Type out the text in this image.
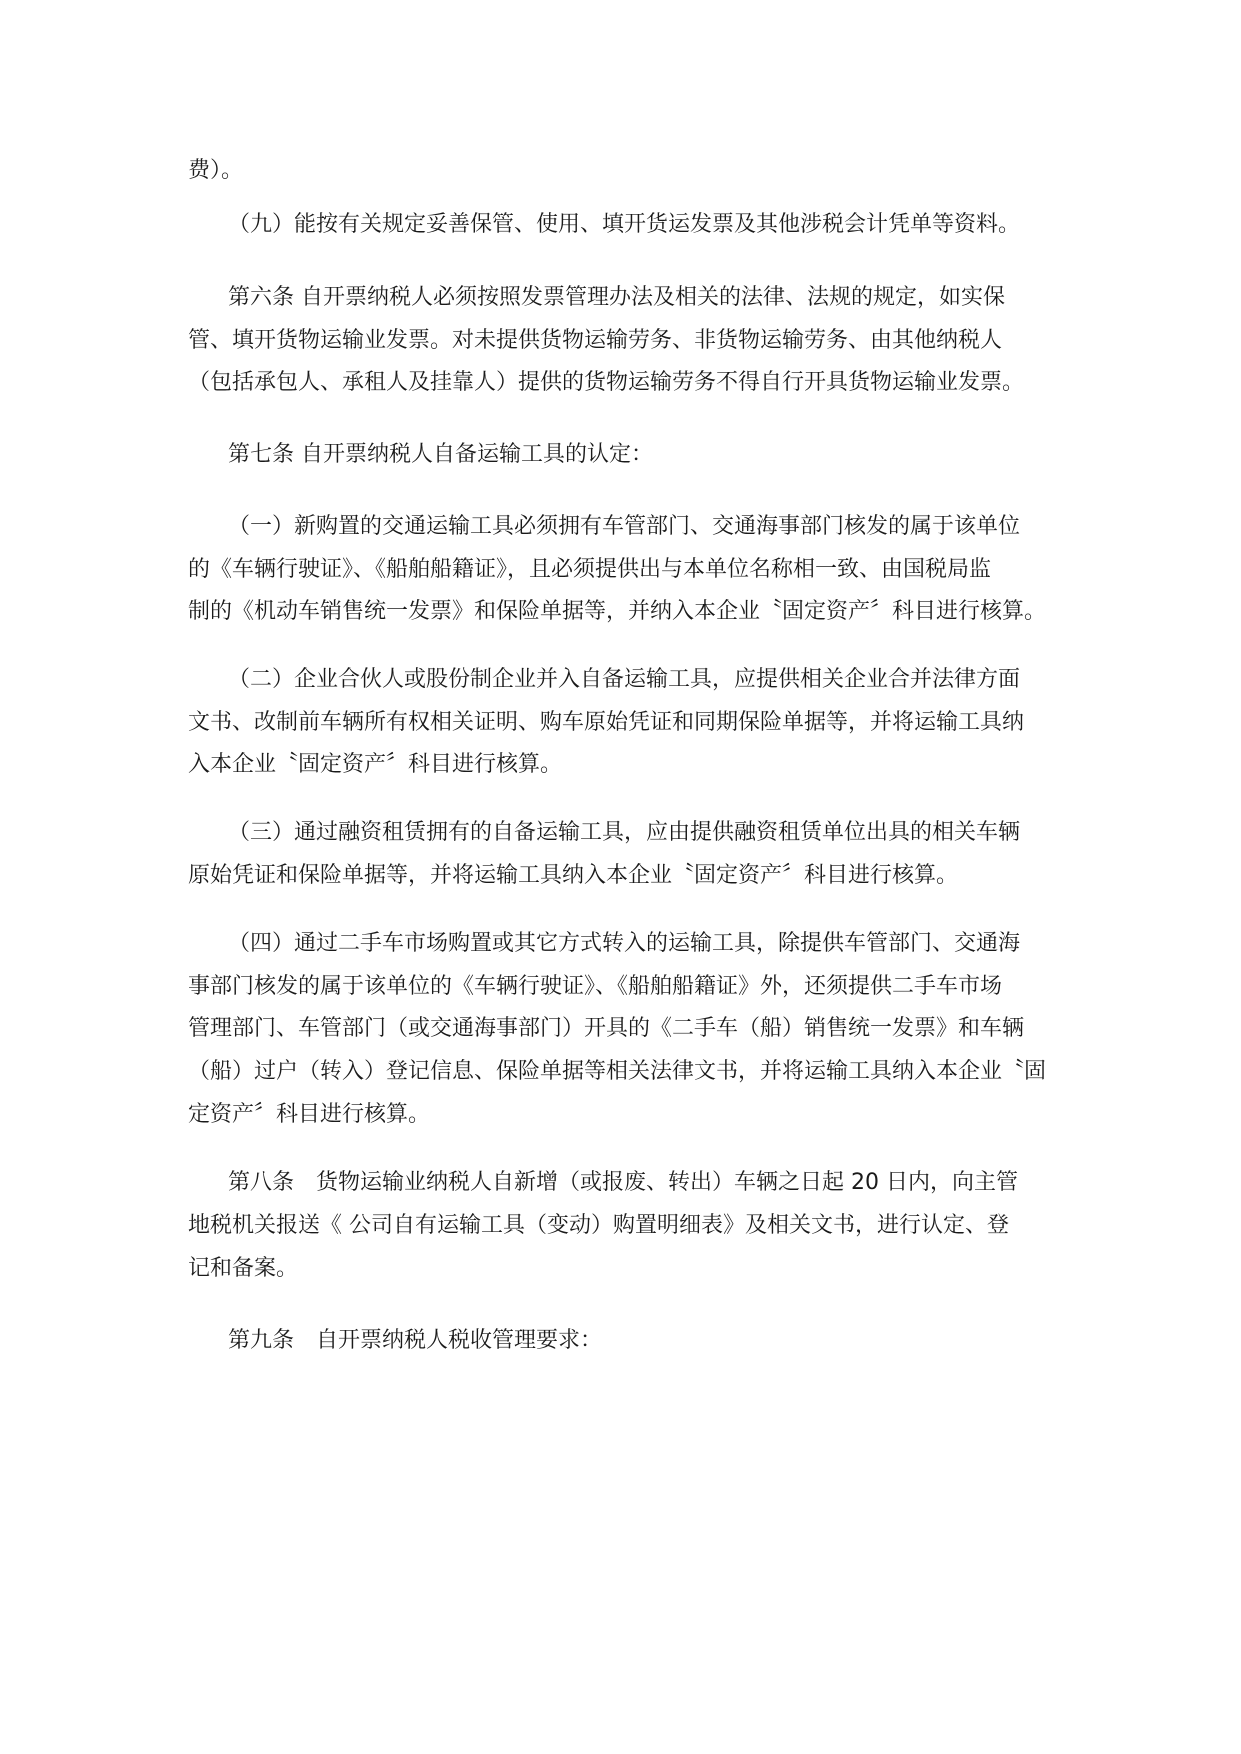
费）。
（九）能按有关规定妥善保管、使用、填开货运发票及其他涉税会计凭单等资料。
第六条 自开票纳税人必须按照发票管理办法及相关的法律、法规的规定，如实保
管、填开货物运输业发票。对未提供货物运输劳务、非货物运输劳务、由其他纳税人
（包括承包人、承租人及挂靠人）提供的货物运输劳务不得自行开具货物运输业发票。
第七条 自开票纳税人自备运输工具的认定：
（一）新购置的交通运输工具必须拥有车管部门、交通海事部门核发的属于该单位
的《车辆行驶证》、《船舶船籍证》，且必须提供出与本单位名称相一致、由国税局监
制的《机动车销售统一发票》和保险单据等，并纳入本企业〝固定资产〞科目进行核算。
（二）企业合伙人或股份制企业并入自备运输工具，应提供相关企业合并法律方面
文书、改制前车辆所有权相关证明、购车原始凭证和同期保险单据等，并将运输工具纳
入本企业〝固定资产〞科目进行核算。
（三）通过融资租赁拥有的自备运输工具，应由提供融资租赁单位出具的相关车辆
原始凭证和保险单据等，并将运输工具纳入本企业〝固定资产〞科目进行核算。
（四）通过二手车市场购置或其它方式转入的运输工具，除提供车管部门、交通海
事部门核发的属于该单位的《车辆行驶证》、《船舶船籍证》外，还须提供二手车市场
管理部门、车管部门（或交通海事部门）开具的《二手车（船）销售统一发票》和车辆
（船）过户（转入）登记信息、保险单据等相关法律文书，并将运输工具纳入本企业〝固
定资产〞科目进行核算。
第八条　货物运输业纳税人自新增（或报废、转出）车辆之日起 20 日内，向主管
地税机关报送《 公司自有运输工具（变动）购置明细表》及相关文书，进行认定、登
记和备案。
第九条　自开票纳税人税收管理要求：
